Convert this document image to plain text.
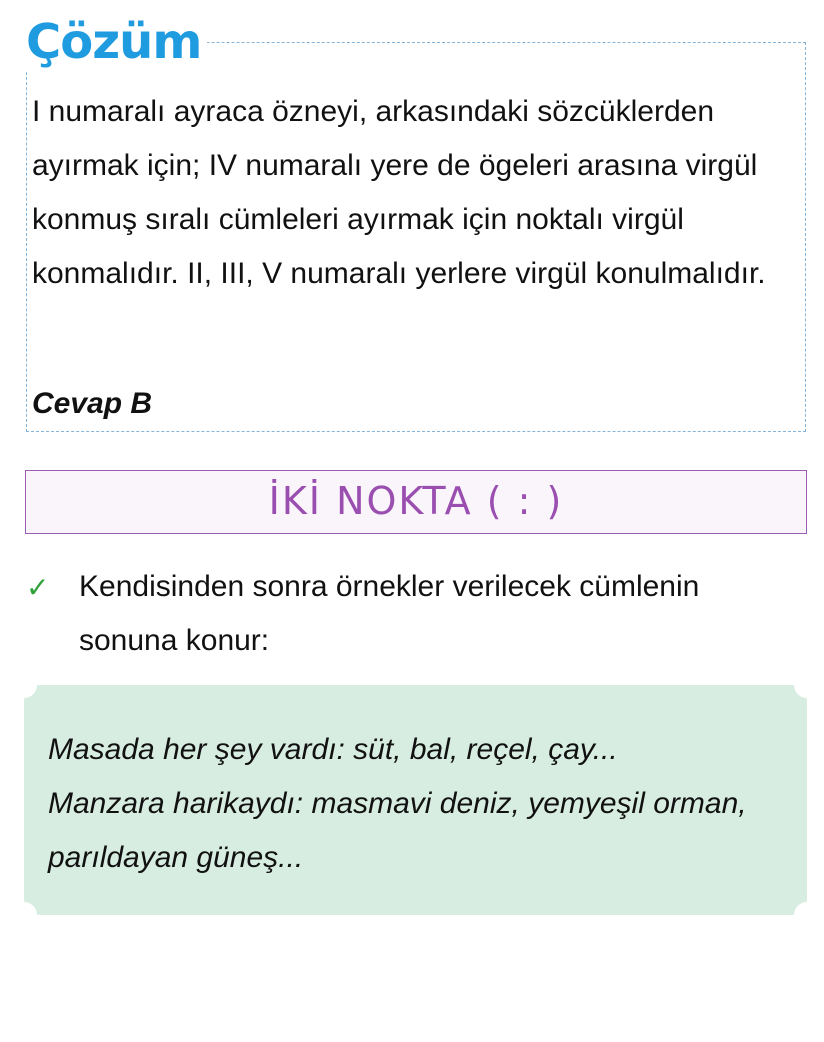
Çözüm

I numaralı ayraca özneyi, arkasındaki sözcüklerden ayırmak için; IV numaralı yere de ögeleri arasına virgül konmuş sıralı cümleleri ayırmak için noktalı virgül konmalıdır. II, III, V numaralı yerlere virgül konulmalıdır.

Cevap B

İKİ NOKTA ( : )
✓ Kendisinden sonra örnekler verilecek cümlenin sonuna konur:

Masada her şey vardı: süt, bal, reçel, çay...
Manzara harikaydı: masmavi deniz, yemyeşil orman, parıldayan güneş...
